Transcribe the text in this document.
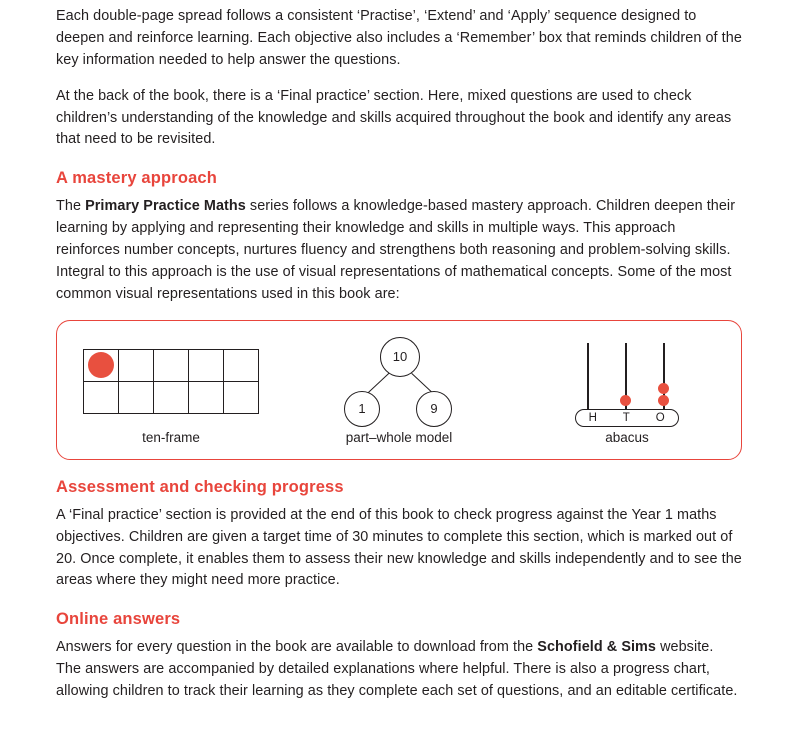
Each double-page spread follows a consistent ‘Practise’, ‘Extend’ and ‘Apply’ sequence designed to deepen and reinforce learning. Each objective also includes a ‘Remember’ box that reminds children of the key information needed to help answer the questions.

At the back of the book, there is a ‘Final practice’ section. Here, mixed questions are used to check children’s understanding of the knowledge and skills acquired throughout the book and identify any areas that need to be revisited.

A mastery approach

The Primary Practice Maths series follows a knowledge-based mastery approach. Children deepen their learning by applying and representing their knowledge and skills in multiple ways. This approach reinforces number concepts, nurtures fluency and strengthens both reasoning and problem-solving skills. Integral to this approach is the use of visual representations of mathematical concepts. Some of the most common visual representations used in this book are:

ten-frame
10
1	9
part–whole model
H T O
abacus
Assessment and checking progress

A ‘Final practice’ section is provided at the end of this book to check progress against the Year 1 maths objectives. Children are given a target time of 30 minutes to complete this section, which is marked out of 20. Once complete, it enables them to assess their new knowledge and skills independently and to see the areas where they might need more practice.

Online answers

Answers for every question in the book are available to download from the Schofield & Sims website. The answers are accompanied by detailed explanations where helpful. There is also a progress chart, allowing children to track their learning as they complete each set of questions, and an editable certificate.
